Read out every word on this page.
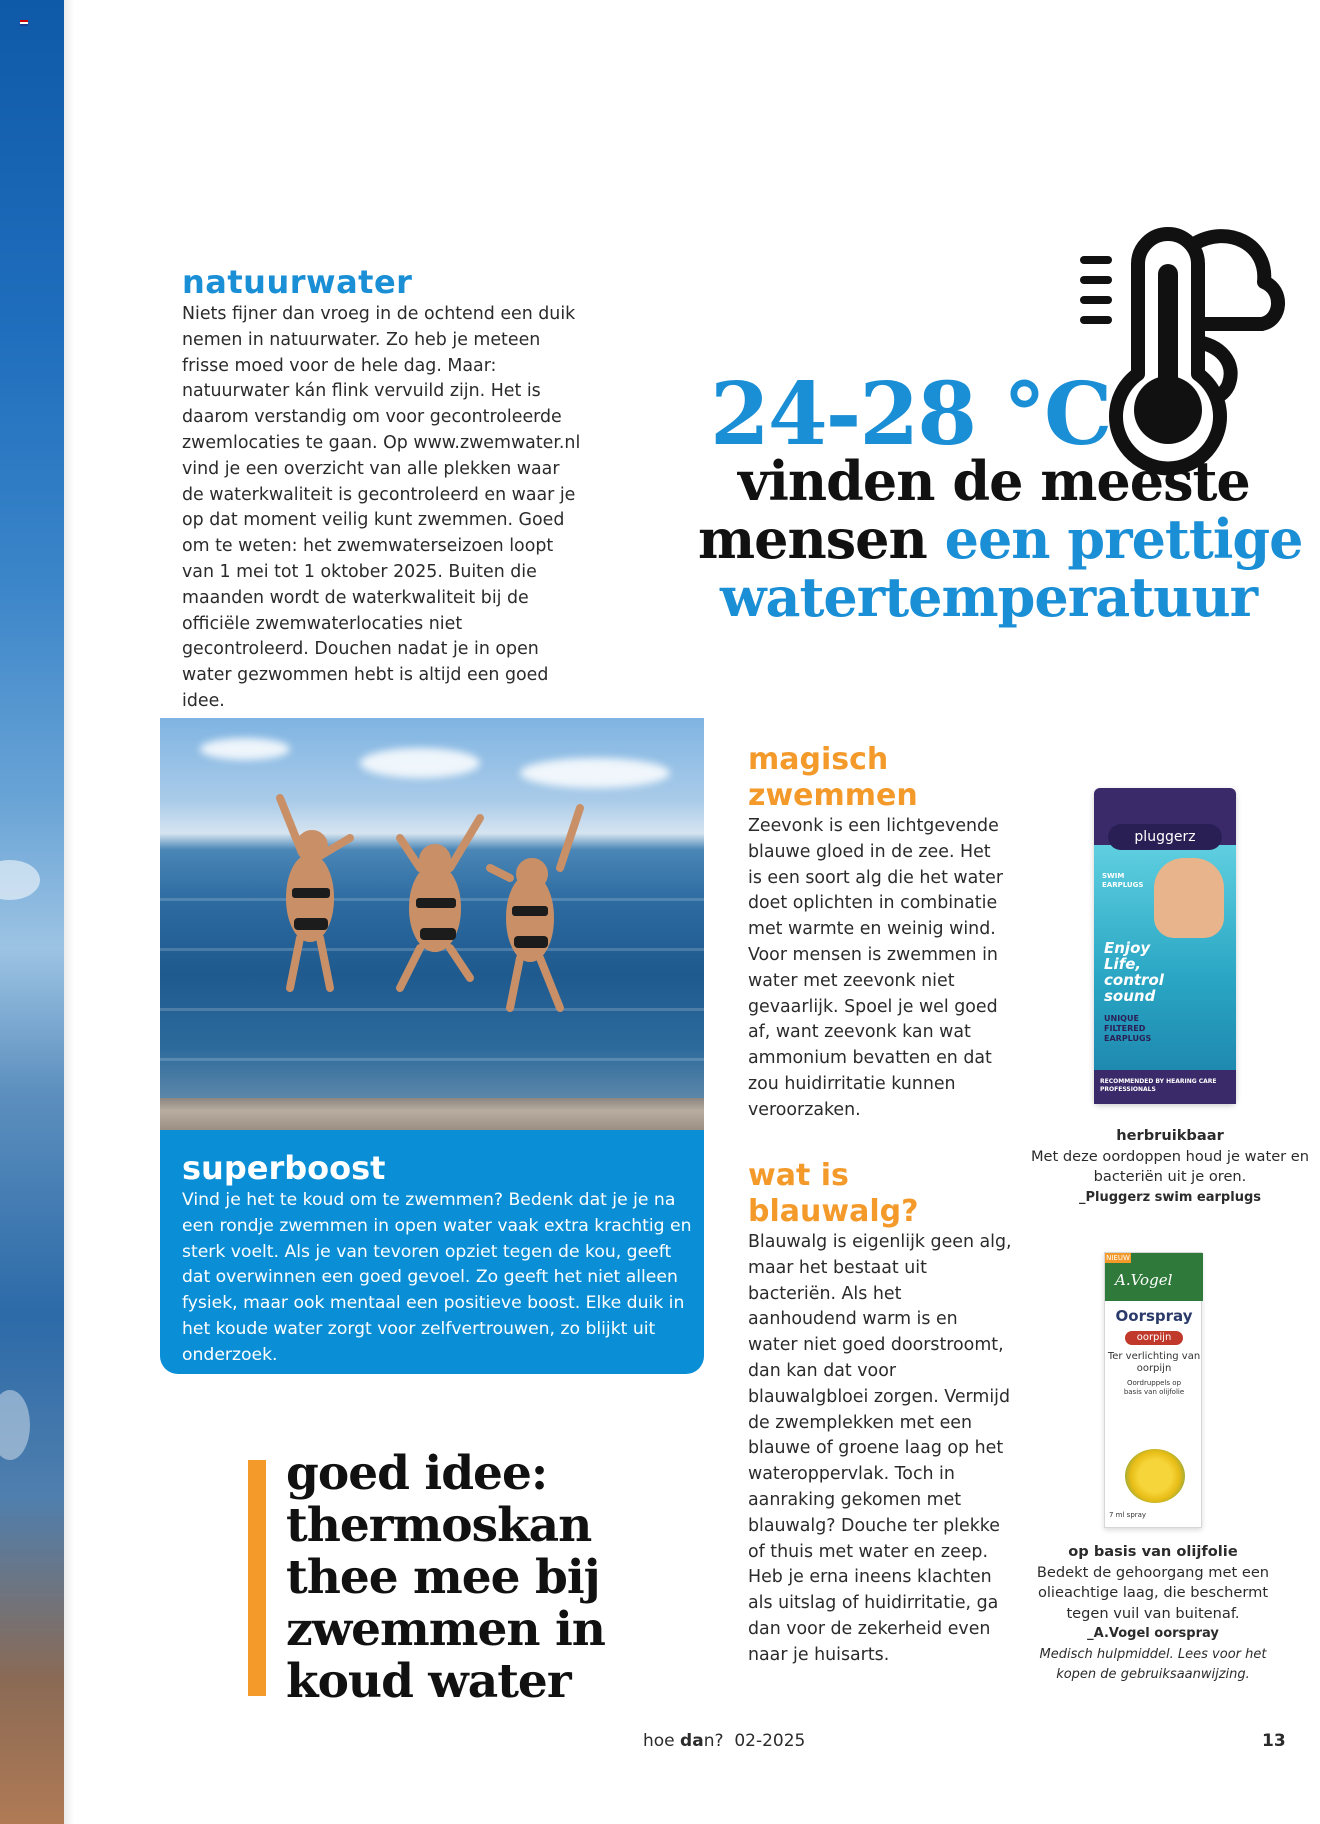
natuurwater

Niets fijner dan vroeg in de ochtend een duik nemen in natuurwater. Zo heb je meteen frisse moed voor de hele dag. Maar: natuurwater kán flink vervuild zijn. Het is daarom verstandig om voor gecontroleerde zwemlocaties te gaan. Op www.zwemwater.nl vind je een overzicht van alle plekken waar de waterkwaliteit is gecontroleerd en waar je op dat moment veilig kunt zwemmen. Goed om te weten: het zwemwaterseizoen loopt van 1 mei tot 1 oktober 2025. Buiten die maanden wordt de waterkwaliteit bij de officiële zwemwaterlocaties niet gecontroleerd. Douchen nadat je in open water gezwommen hebt is altijd een goed idee.

24-28 °C
vinden de meeste
mensen een prettige
watertemperatuur
superboost

Vind je het te koud om te zwemmen? Bedenk dat je je na een rondje zwemmen in open water vaak extra krachtig en sterk voelt. Als je van tevoren opziet tegen de kou, geeft dat overwinnen een goed gevoel. Zo geeft het niet alleen fysiek, maar ook mentaal een positieve boost. Elke duik in het koude water zorgt voor zelfvertrouwen, zo blijkt uit onderzoek.

goed idee:
thermoskan
thee mee bij
zwemmen in
koud water
magisch
zwemmen

Zeevonk is een lichtgevende blauwe gloed in de zee. Het is een soort alg die het water doet oplichten in combinatie met warmte en weinig wind. Voor mensen is zwemmen in water met zeevonk niet gevaarlijk. Spoel je wel goed af, want zeevonk kan wat ammonium bevatten en dat zou huidirritatie kunnen veroorzaken.

wat is
blauwalg?

Blauwalg is eigenlijk geen alg, maar het bestaat uit bacteriën. Als het aanhoudend warm is en water niet goed doorstroomt, dan kan dat voor blauwalgbloei zorgen. Vermijd de zwemplekken met een blauwe of groene laag op het wateroppervlak. Toch in aanraking gekomen met blauwalg? Douche ter plekke of thuis met water en zeep. Heb je erna ineens klachten als uitslag of huidirritatie, ga dan voor de zekerheid even naar je huisarts.

pluggerz
SWIM EARPLUGS
Enjoy Life, control sound
UNIQUE FILTERED EARPLUGS
RECOMMENDED BY HEARING CARE PROFESSIONALS
herbruikbaar
Met deze oordoppen houd je water en bacteriën uit je oren.
_Pluggerz swim earplugs
NIEUW
A.Vogel
Oorspray
oorpijn
Ter verlichting van oorpijn
Oordruppels op basis van olijfolie
7 ml spray
op basis van olijfolie
Bedekt de gehoorgang met een olieachtige laag, die beschermt tegen vuil van buitenaf.
_A.Vogel oorspray
Medisch hulpmiddel. Lees voor het kopen de gebruiksaanwijzing.
hoe dan? 02-2025	13
